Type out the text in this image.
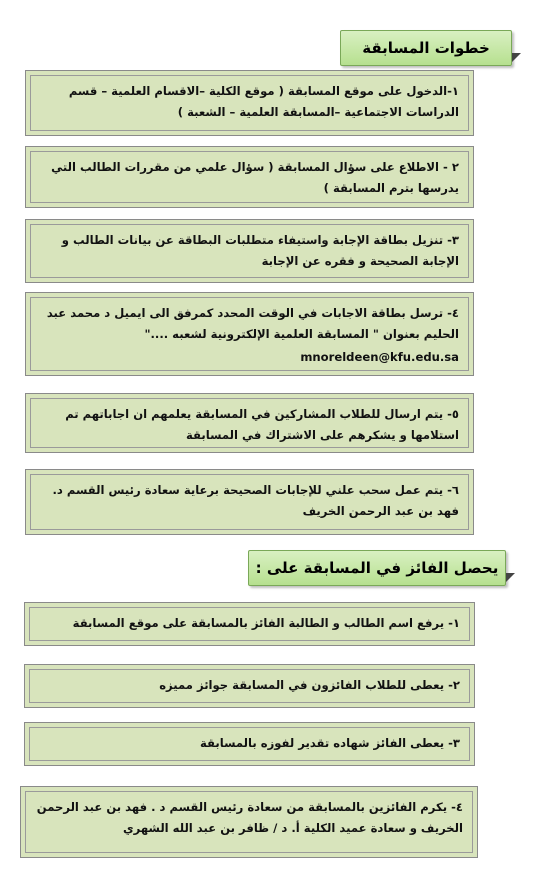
خطوات المسابقة
١-الدخول على موقع المسابقة ( موقع الكلية –الاقسام العلمية – قسم الدراسات الاجتماعية –المسابقة العلمية – الشعبة )
٢ - الاطلاع على سؤال المسابقة ( سؤال علمي من مقررات الطالب التي يدرسها بترم المسابقة )
٣- تنزيل بطاقة الإجابة واستيفاء متطلبات البطاقة عن بيانات الطالب و الإجابة الصحيحة و فقره عن الإجابة
٤- ترسل بطاقة الاجابات في الوقت المحدد كمرفق الى ايميل د محمد عبد الحليم بعنوان " المسابقة العلمية الإلكترونية لشعبه ...."
mnoreldeen@kfu.edu.sa
٥- يتم ارسال للطلاب المشاركين في المسابقة يعلمهم ان اجاباتهم تم استلامها و يشكرهم على الاشتراك في المسابقة
٦- يتم عمل سحب علني للإجابات الصحيحة برعاية سعادة رئيس القسم د. فهد بن عبد الرحمن الخريف
يحصل الفائز في المسابقة على :
١- يرفع اسم الطالب و الطالبة الفائز بالمسابقة على موقع المسابقة
٢- يعطى للطلاب الفائزون في المسابقة جوائز مميزه
٣- يعطى الفائز شهاده تقدير لفوزه بالمسابقة
٤- يكرم الفائزين بالمسابقة من سعادة رئيس القسم د . فهد بن عبد الرحمن الخريف و سعادة عميد الكلية أ. د / ظافر بن عبد الله الشهري
